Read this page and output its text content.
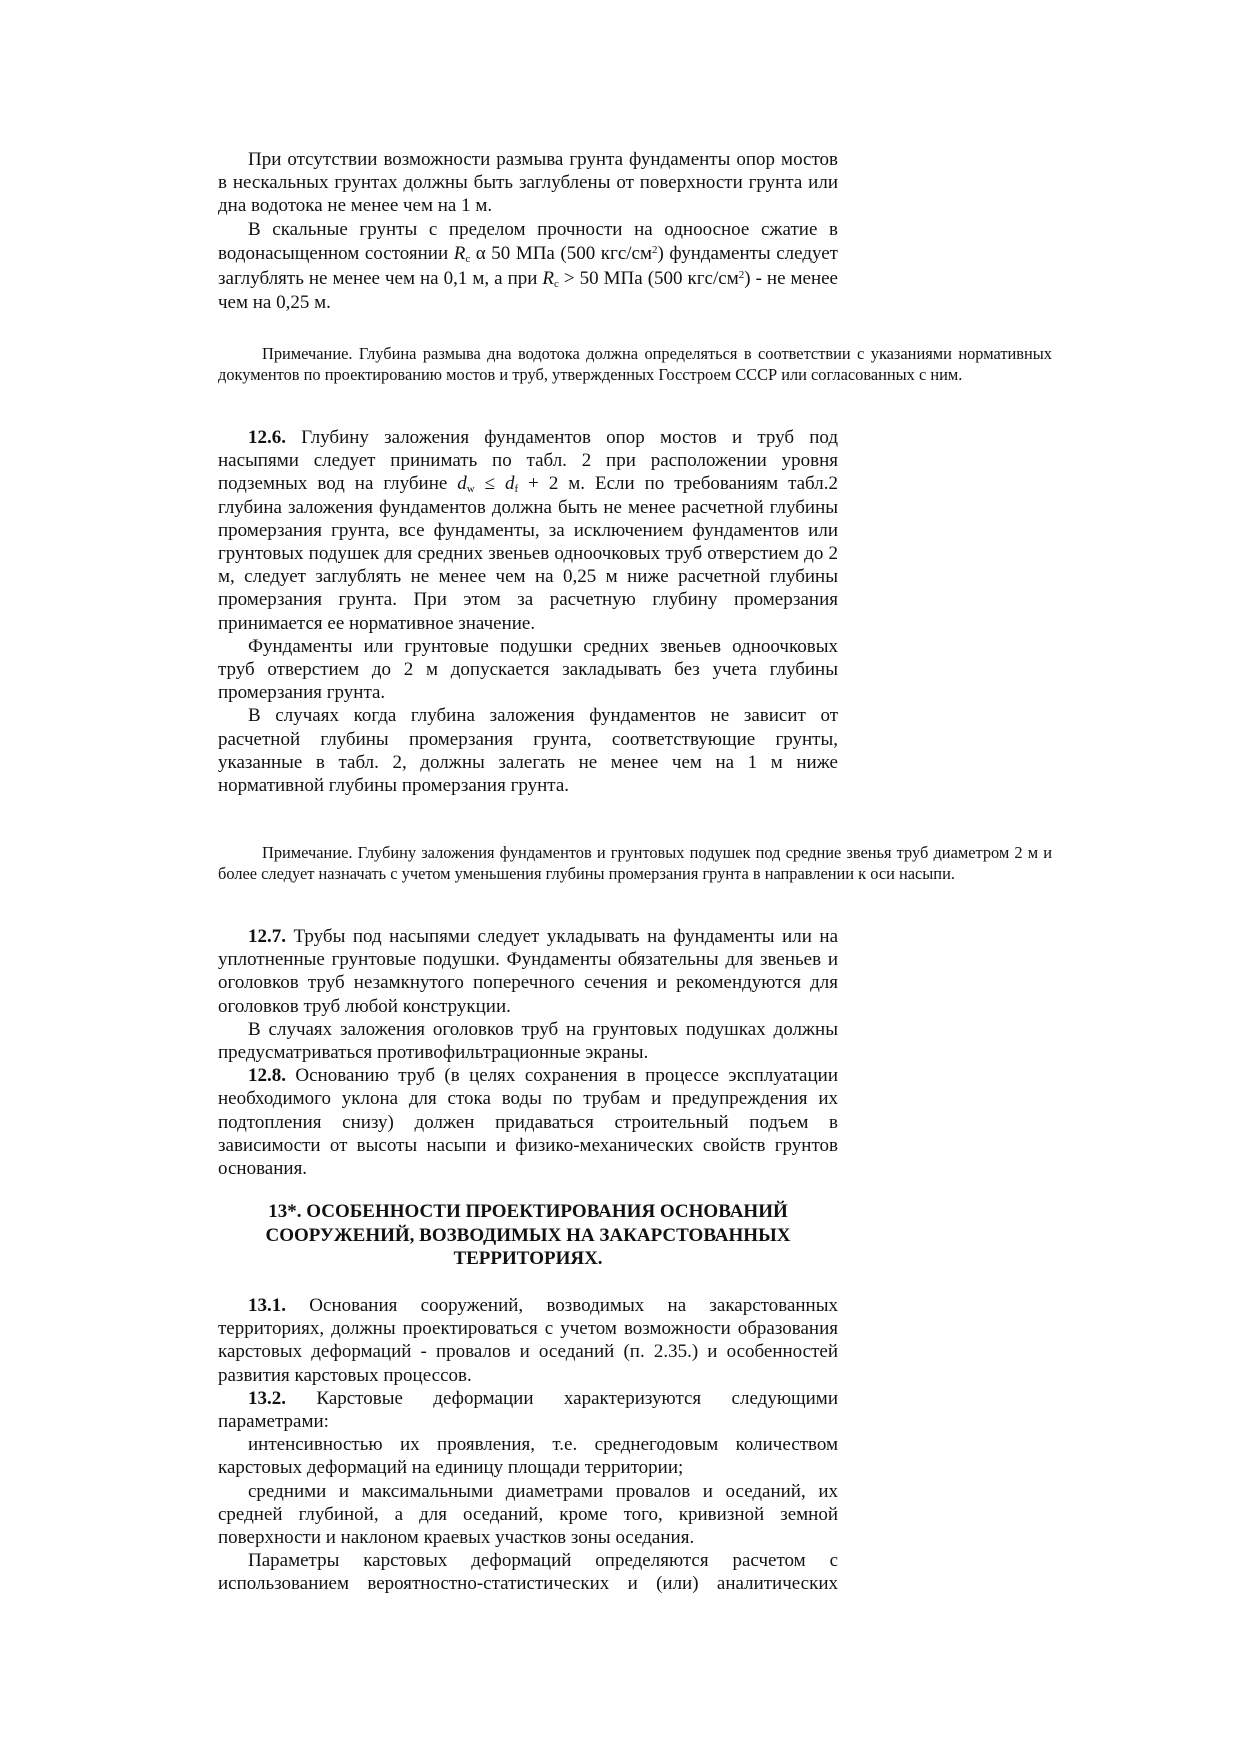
При отсутствии возможности размыва грунта фундаменты опор мостов в нескальных грунтах должны быть заглублены от поверхности грунта или дна водотока не менее чем на 1 м.

В скальные грунты с пределом прочности на одноосное сжатие в водонасыщенном состоянии $R_c$ α 50 МПа (500 кгс/$см^2$) фундаменты следует заглублять не менее чем на 0,1 м, а при $R_c > 50$ МПа (500 кгс/$см^2$) - не менее чем на 0,25 м.

Примечание. Глубина размыва дна водотока должна определяться в соответствии с указаниями нормативных документов по проектированию мостов и труб, утвержденных Госстроем СССР или согласованных с ним.

12.6. Глубину заложения фундаментов опор мостов и труб под насыпями следует принимать по табл. 2 при расположении уровня подземных вод на глубине $d_w \le d_f + 2$ м. Если по требованиям табл.2 глубина заложения фундаментов должна быть не менее расчетной глубины промерзания грунта, все фундаменты, за исключением фундаментов или грунтовых подушек для средних звеньев одноочковых труб отверстием до 2 м, следует заглублять не менее чем на 0,25 м ниже расчетной глубины промерзания грунта. При этом за расчетную глубину промерзания принимается ее нормативное значение.

Фундаменты или грунтовые подушки средних звеньев одноочковых труб отверстием до 2 м допускается закладывать без учета глубины промерзания грунта.

В случаях когда глубина заложения фундаментов не зависит от расчетной глубины промерзания грунта, соответствующие грунты, указанные в табл. 2, должны залегать не менее чем на 1 м ниже нормативной глубины промерзания грунта.

Примечание. Глубину заложения фундаментов и грунтовых подушек под средние звенья труб диаметром 2 м и более следует назначать с учетом уменьшения глубины промерзания грунта в направлении к оси насыпи.

12.7. Трубы под насыпями следует укладывать на фундаменты или на уплотненные грунтовые подушки. Фундаменты обязательны для звеньев и оголовков труб незамкнутого поперечного сечения и рекомендуются для оголовков труб любой конструкции.

В случаях заложения оголовков труб на грунтовых подушках должны предусматриваться противофильтрационные экраны.

12.8. Основанию труб (в целях сохранения в процессе эксплуатации необходимого уклона для стока воды по трубам и предупреждения их подтопления снизу) должен придаваться строительный подъем в зависимости от высоты насыпи и физико-механических свойств грунтов основания.

13*. ОСОБЕННОСТИ ПРОЕКТИРОВАНИЯ ОСНОВАНИЙ
СООРУЖЕНИЙ, ВОЗВОДИМЫХ НА ЗАКАРСТОВАННЫХ
ТЕРРИТОРИЯХ.

13.1. Основания сооружений, возводимых на закарстованных территориях, должны проектироваться с учетом возможности образования карстовых деформаций - провалов и оседаний (п. 2.35.) и особенностей развития карстовых процессов.

13.2. Карстовые деформации характеризуются следующими параметрами:

интенсивностью их проявления, т.е. среднегодовым количеством карстовых деформаций на единицу площади территории;

средними и максимальными диаметрами провалов и оседаний, их средней глубиной, а для оседаний, кроме того, кривизной земной поверхности и наклоном краевых участков зоны оседания.

Параметры карстовых деформаций определяются расчетом с использованием вероятностно-статистических и (или) аналитических
